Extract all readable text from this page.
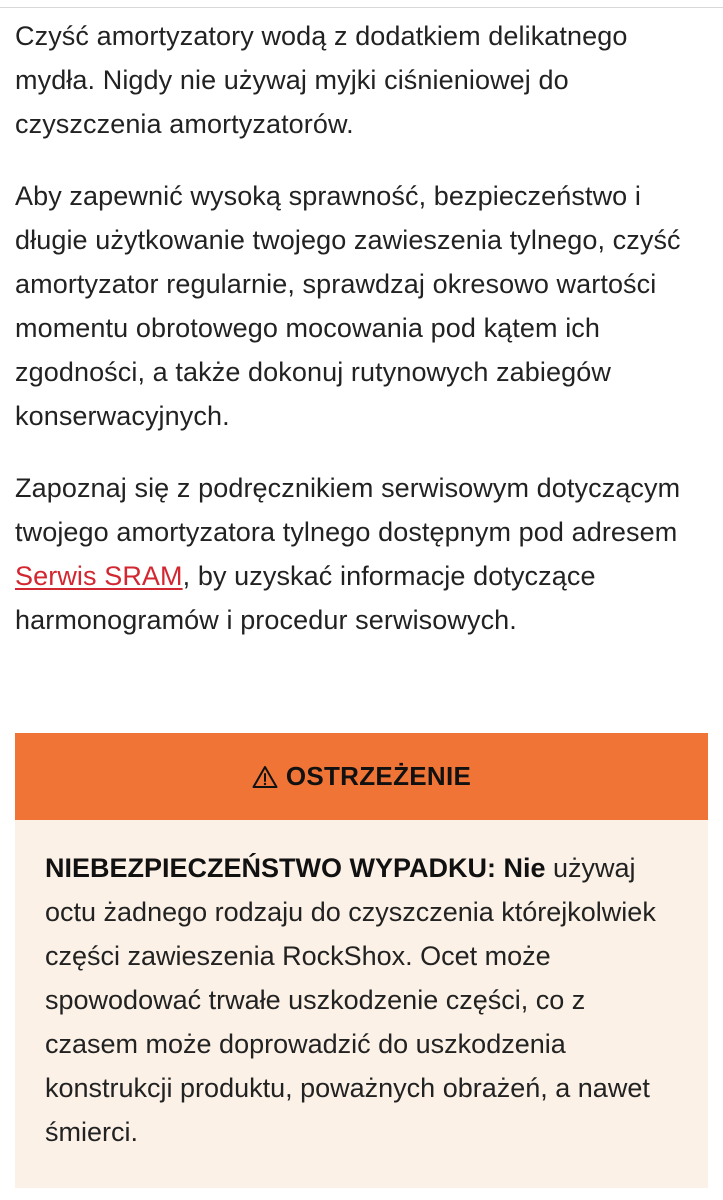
Czyść amortyzatory wodą z dodatkiem delikatnego mydła. Nigdy nie używaj myjki ciśnieniowej do czyszczenia amortyzatorów.

Aby zapewnić wysoką sprawność, bezpieczeństwo i długie użytkowanie twojego zawieszenia tylnego, czyść amortyzator regularnie, sprawdzaj okresowo wartości momentu obrotowego mocowania pod kątem ich zgodności, a także dokonuj rutynowych zabiegów konserwacyjnych.

Zapoznaj się z podręcznikiem serwisowym dotyczącym twojego amortyzatora tylnego dostępnym pod adresem Serwis SRAM, by uzyskać informacje dotyczące harmonogramów i procedur serwisowych.

OSTRZEŻENIE
NIEBEZPIECZEŃSTWO WYPADKU: Nie używaj octu żadnego rodzaju do czyszczenia którejkolwiek części zawieszenia RockShox. Ocet może spowodować trwałe uszkodzenie części, co z czasem może doprowadzić do uszkodzenia konstrukcji produktu, poważnych obrażeń, a nawet śmierci.
